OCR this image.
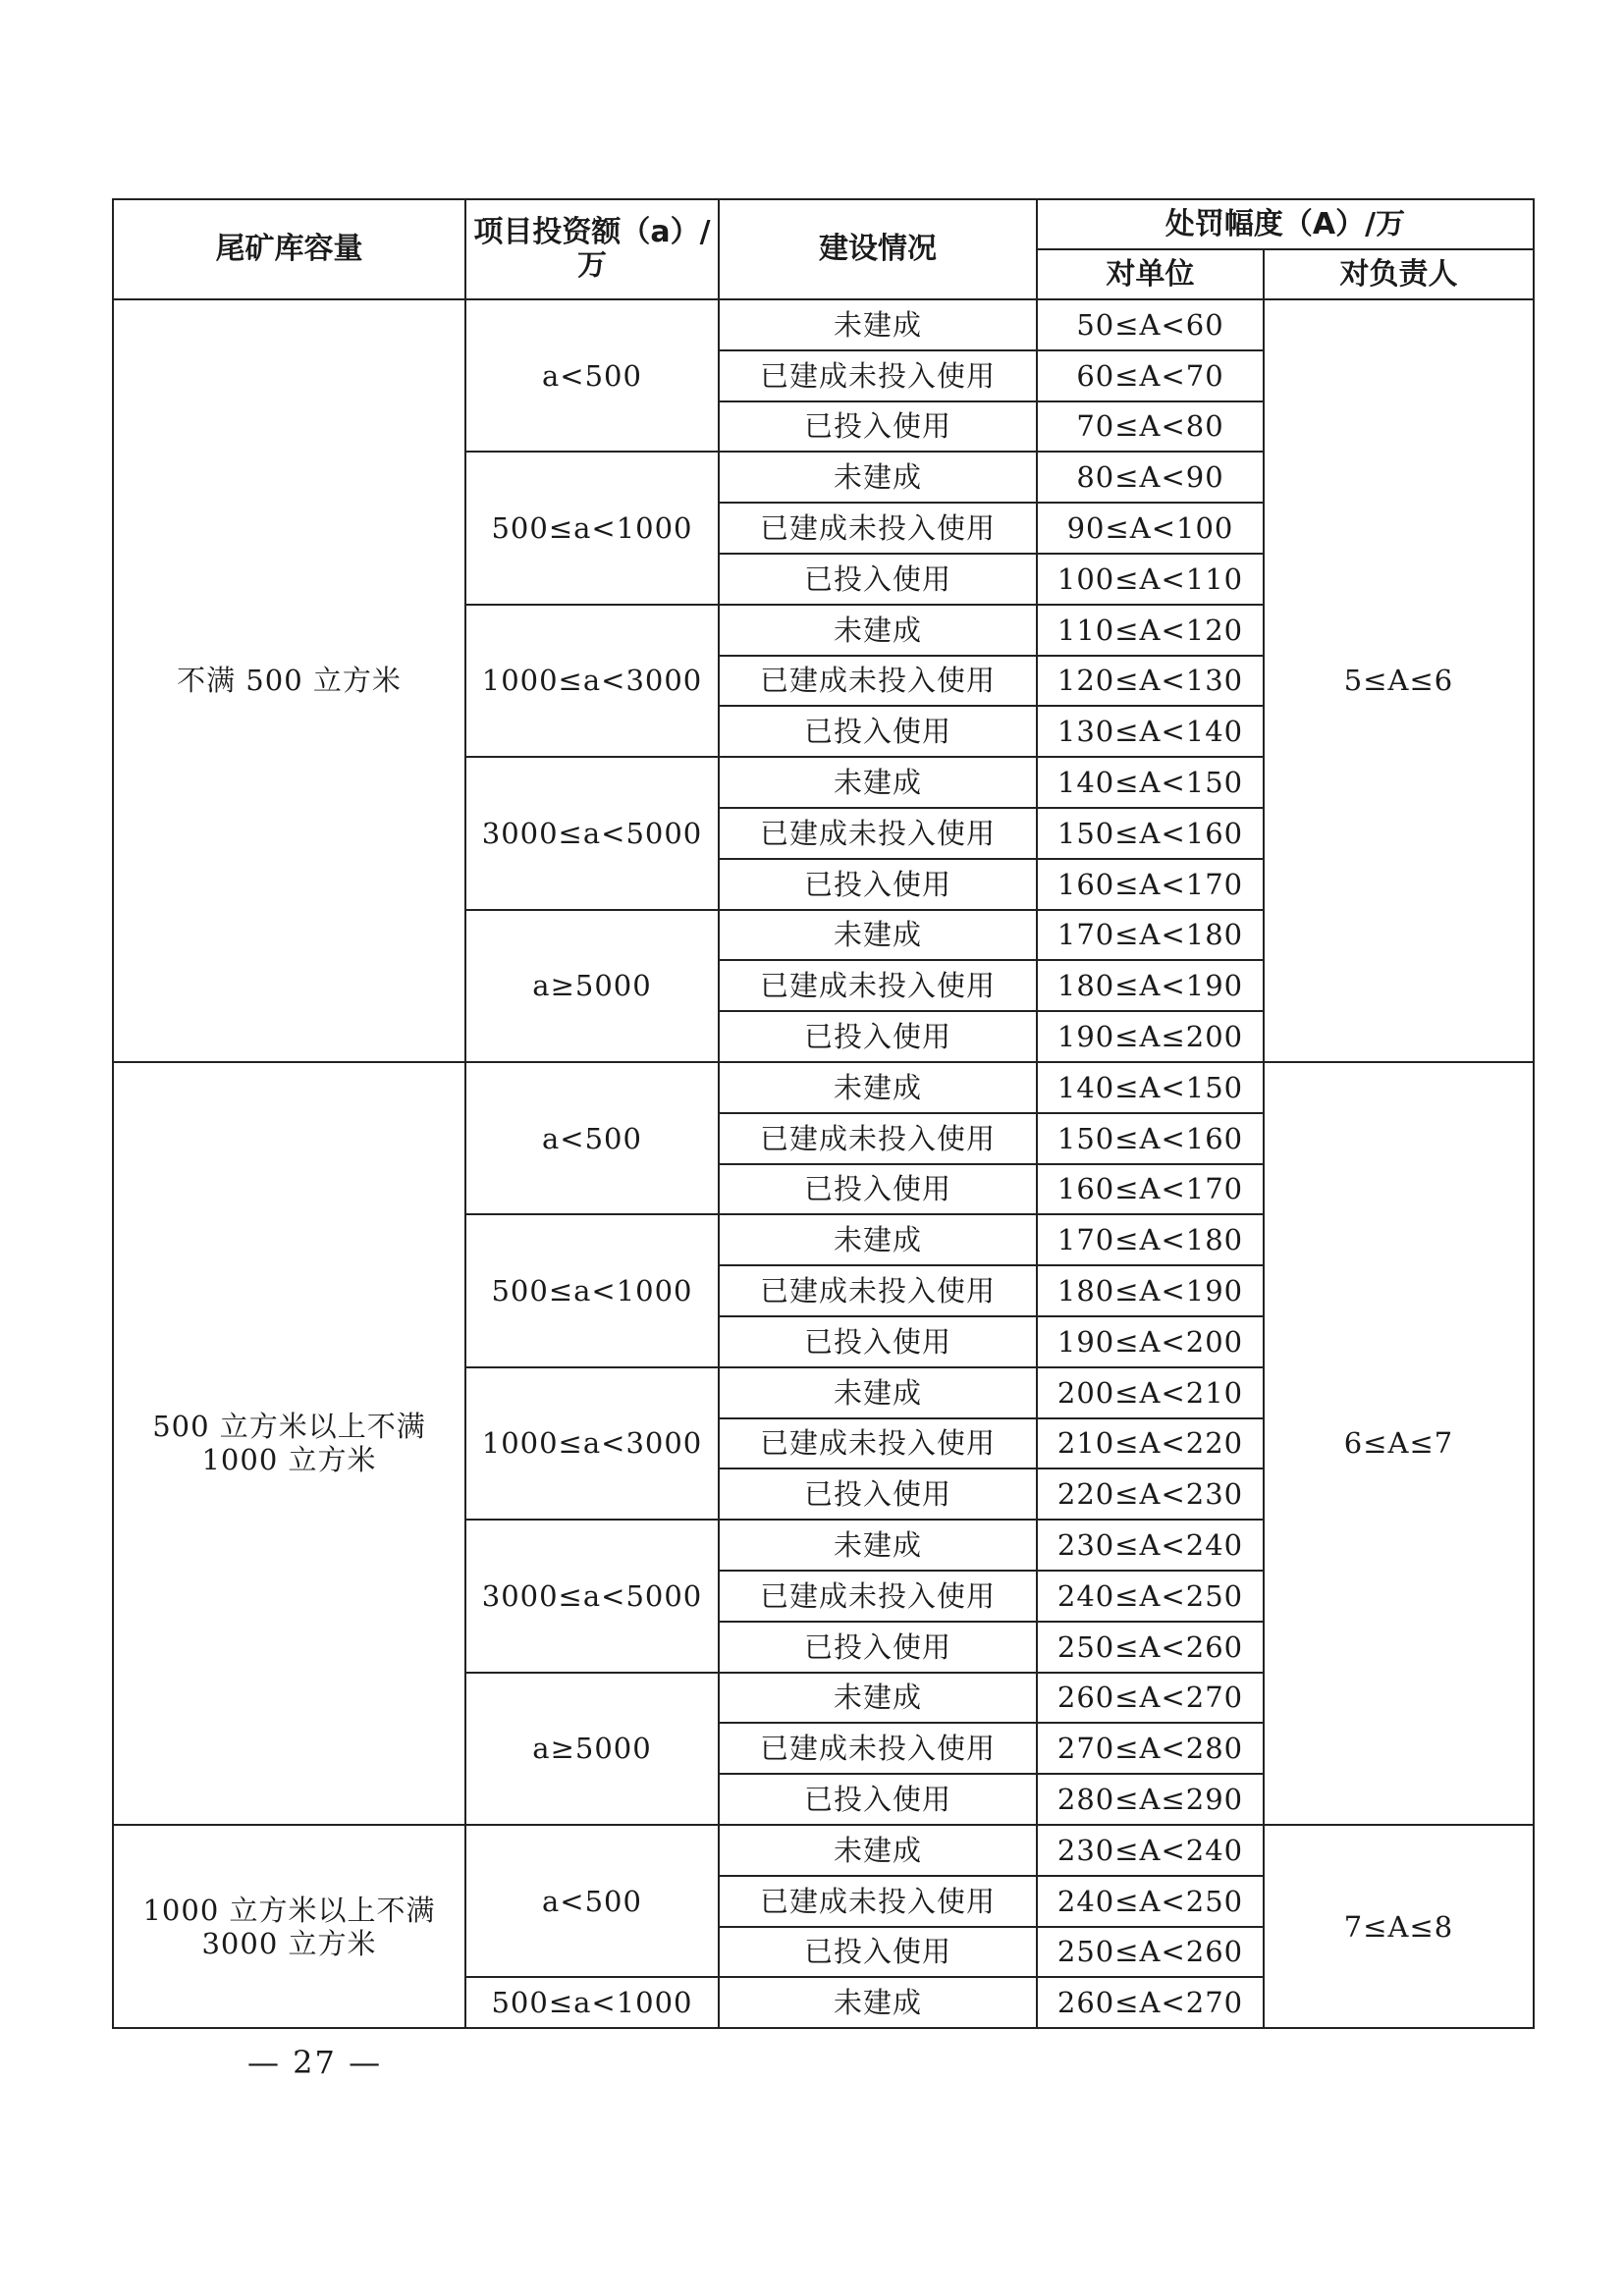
尾矿库容量	项目投资额（a）/万	建设情况	处罚幅度（A）/万	
			对单位	对负责人
不满 500 立方米	a<500	未建成	50≤A<60	5≤A≤6
		已建成未投入使用	60≤A<70	
		已投入使用	70≤A<80	
	500≤a<1000	未建成	80≤A<90	
		已建成未投入使用	90≤A<100	
		已投入使用	100≤A<110	
	1000≤a<3000	未建成	110≤A<120	
		已建成未投入使用	120≤A<130	
		已投入使用	130≤A<140	
	3000≤a<5000	未建成	140≤A<150	
		已建成未投入使用	150≤A<160	
		已投入使用	160≤A<170	
	a≥5000	未建成	170≤A<180	
		已建成未投入使用	180≤A<190	
		已投入使用	190≤A≤200	
500 立方米以上不满 1000 立方米	a<500	未建成	140≤A<150	6≤A≤7
		已建成未投入使用	150≤A<160	
		已投入使用	160≤A<170	
	500≤a<1000	未建成	170≤A<180	
		已建成未投入使用	180≤A<190	
		已投入使用	190≤A<200	
	1000≤a<3000	未建成	200≤A<210	
		已建成未投入使用	210≤A<220	
		已投入使用	220≤A<230	
	3000≤a<5000	未建成	230≤A<240	
		已建成未投入使用	240≤A<250	
		已投入使用	250≤A<260	
	a≥5000	未建成	260≤A<270	
		已建成未投入使用	270≤A<280	
		已投入使用	280≤A≤290	
1000 立方米以上不满 3000 立方米	a<500	未建成	230≤A<240	7≤A≤8
		已建成未投入使用	240≤A<250	
		已投入使用	250≤A<260	
	500≤a<1000	未建成	260≤A<270	
— 27 —
